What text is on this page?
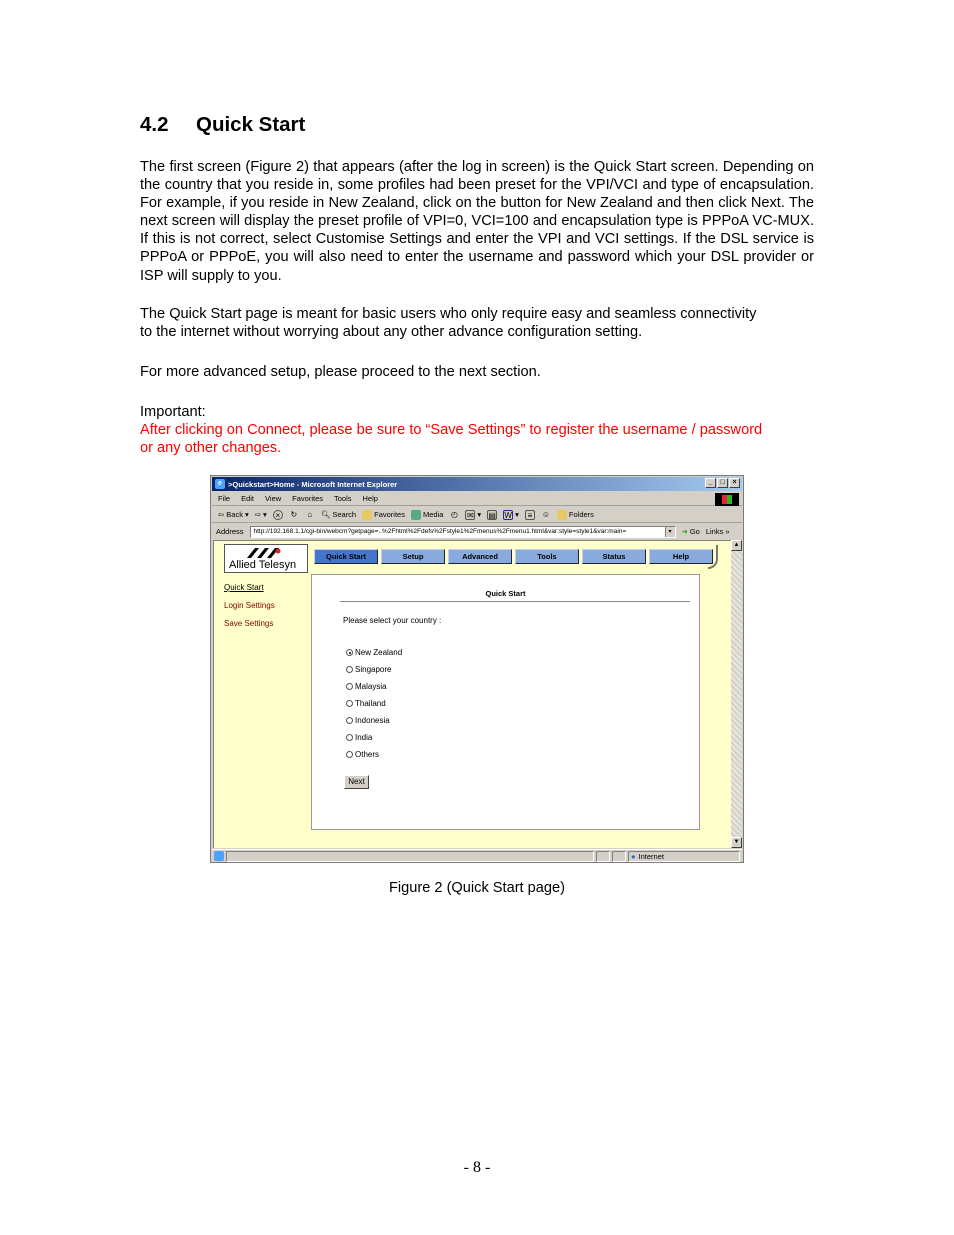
4.2 Quick Start

The first screen (Figure 2) that appears (after the log in screen) is the Quick Start screen. Depending on the country that you reside in, some profiles had been preset for the VPI/VCI and type of encapsulation. For example, if you reside in New Zealand, click on the button for New Zealand and then click Next. The next screen will display the preset profile of VPI=0, VCI=100 and encapsulation type is PPPoA VC-MUX. If this is not correct, select Customise Settings and enter the VPI and VCI settings. If the DSL service is PPPoA or PPPoE, you will also need to enter the username and password which your DSL provider or ISP will supply to you.

The Quick Start page is meant for basic users who only require easy and seamless connectivity
to the internet without worrying about any other advance configuration setting.

For more advanced setup, please proceed to the next section.

Important:
After clicking on Connect, please be sure to “Save Settings” to register the username / password
or any other changes.
e >Quickstart>Home - Microsoft Internet Explorer	_	□	×
File Edit View Favorites Tools Help
⇦ Back ▾ ⇨ ▾	×	↻	⌂	🔍︎ Search Favorites Media ◴ ✉ ▾ ▤ W ▾	≡	☺	Folders
Address	http://192.168.1.1/cgi-bin/webcm?getpage=..%2Fhtml%2Fdefs%2Fstyle1%2Fmenus%2Fmenu1.html&var:style=style1&var:main=	▾	➜ Go Links »
Allied Telesyn
Quick Start	Setup	Advanced	Tools	Status	Help
Quick Start
Login Settings
Save Settings
Quick Start
Please select your country :
New Zealand
Singapore
Malaysia
Thailand
Indonesia
India
Others
Next
▲
▼
● Internet
Figure 2 (Quick Start page)
- 8 -
